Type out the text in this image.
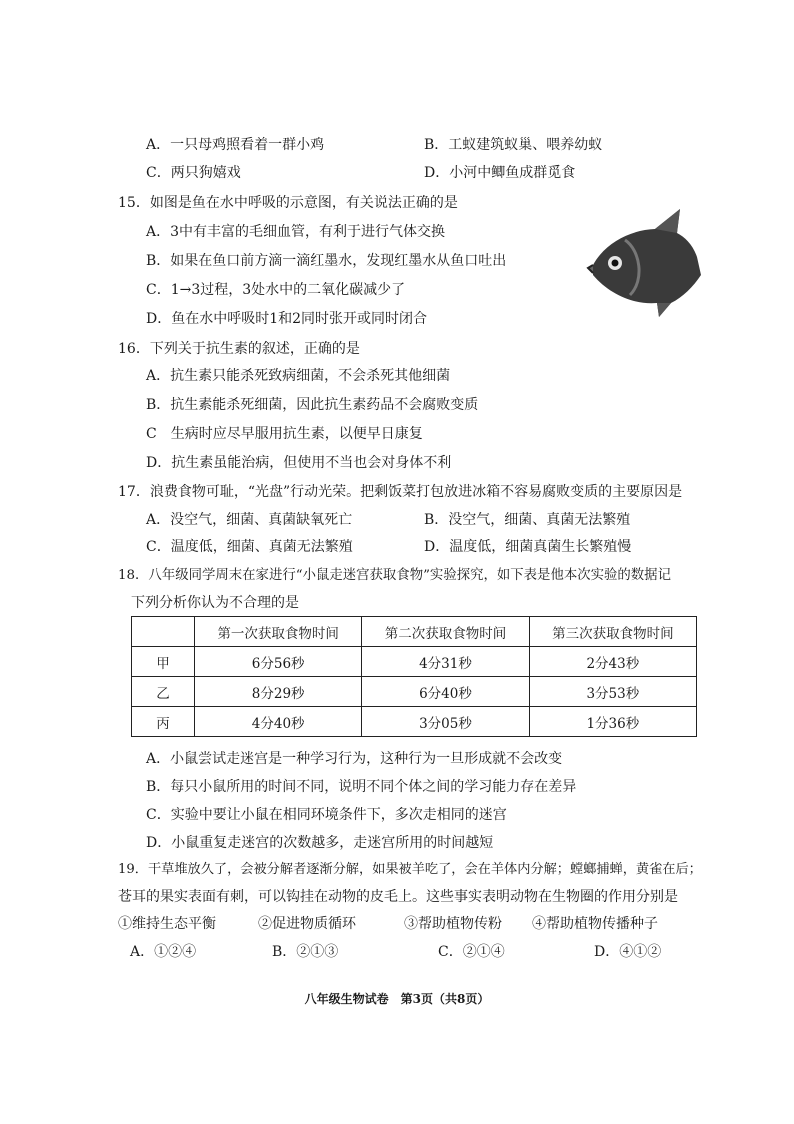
A．一只母鸡照看着一群小鸡	B．工蚁建筑蚁巢、喂养幼蚁
C．两只狗嬉戏	D．小河中鲫鱼成群觅食
15．如图是鱼在水中呼吸的示意图，有关说法正确的是
A．3中有丰富的毛细血管，有利于进行气体交换
B．如果在鱼口前方滴一滴红墨水，发现红墨水从鱼口吐出
C．1→3过程，3处水中的二氧化碳减少了
D．鱼在水中呼吸时1和2同时张开或同时闭合
16．下列关于抗生素的叙述，正确的是
A．抗生素只能杀死致病细菌，不会杀死其他细菌
B．抗生素能杀死细菌，因此抗生素药品不会腐败变质
C　生病时应尽早服用抗生素，以便早日康复
D．抗生素虽能治病，但使用不当也会对身体不利
17．浪费食物可耻，“光盘”行动光荣。把剩饭菜打包放进冰箱不容易腐败变质的主要原因是
A．没空气，细菌、真菌缺氧死亡	B．没空气，细菌、真菌无法繁殖
C．温度低，细菌、真菌无法繁殖	D．温度低，细菌真菌生长繁殖慢
18．八年级同学周末在家进行“小鼠走迷宫获取食物”实验探究，如下表是他本次实验的数据记
下列分析你认为不合理的是
	第一次获取食物时间	第二次获取食物时间	第三次获取食物时间
甲	6分56秒	4分31秒	2分43秒
乙	8分29秒	6分40秒	3分53秒
丙	4分40秒	3分05秒	1分36秒
A．小鼠尝试走迷宫是一种学习行为，这种行为一旦形成就不会改变
B．每只小鼠所用的时间不同，说明不同个体之间的学习能力存在差异
C．实验中要让小鼠在相同环境条件下，多次走相同的迷宫
D．小鼠重复走迷宫的次数越多，走迷宫所用的时间越短
19．干草堆放久了，会被分解者逐渐分解，如果被羊吃了，会在羊体内分解；螳螂捕蝉，黄雀在后；
苍耳的果实表面有刺，可以钩挂在动物的皮毛上。这些事实表明动物在生物圈的作用分别是
①维持生态平衡	②促进物质循环	③帮助植物传粉 ④帮助植物传播种子
A．①②④	B．②①③	C．②①④	D．④①②
八年级生物试卷　第3页（共8页）
